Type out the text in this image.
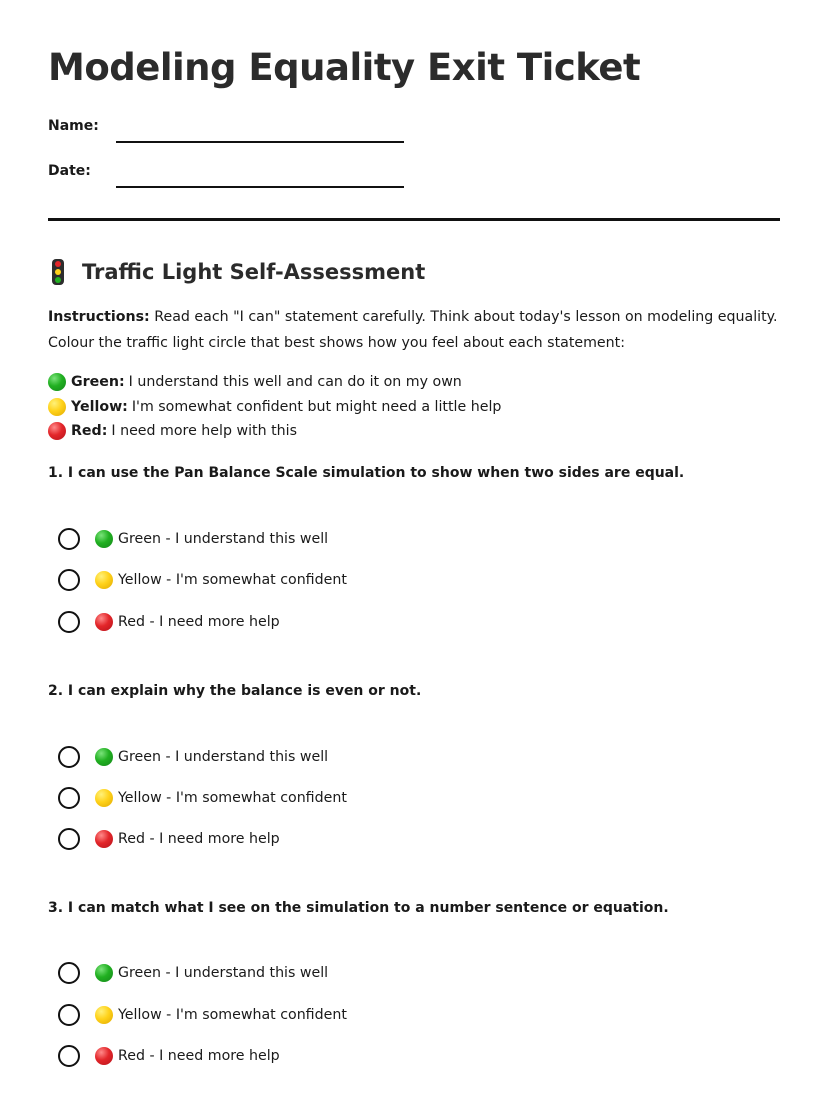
Modeling Equality Exit Ticket
Name:
Date:
Traffic Light Self-Assessment
Instructions: Read each "I can" statement carefully. Think about today's lesson on modeling equality. Colour the traffic light circle that best shows how you feel about each statement:
Green: I understand this well and can do it on my own
Yellow: I'm somewhat confident but might need a little help
Red: I need more help with this
1. I can use the Pan Balance Scale simulation to show when two sides are equal.
Green - I understand this well
Yellow - I'm somewhat confident
Red - I need more help
2. I can explain why the balance is even or not.
Green - I understand this well
Yellow - I'm somewhat confident
Red - I need more help
3. I can match what I see on the simulation to a number sentence or equation.
Green - I understand this well
Yellow - I'm somewhat confident
Red - I need more help
